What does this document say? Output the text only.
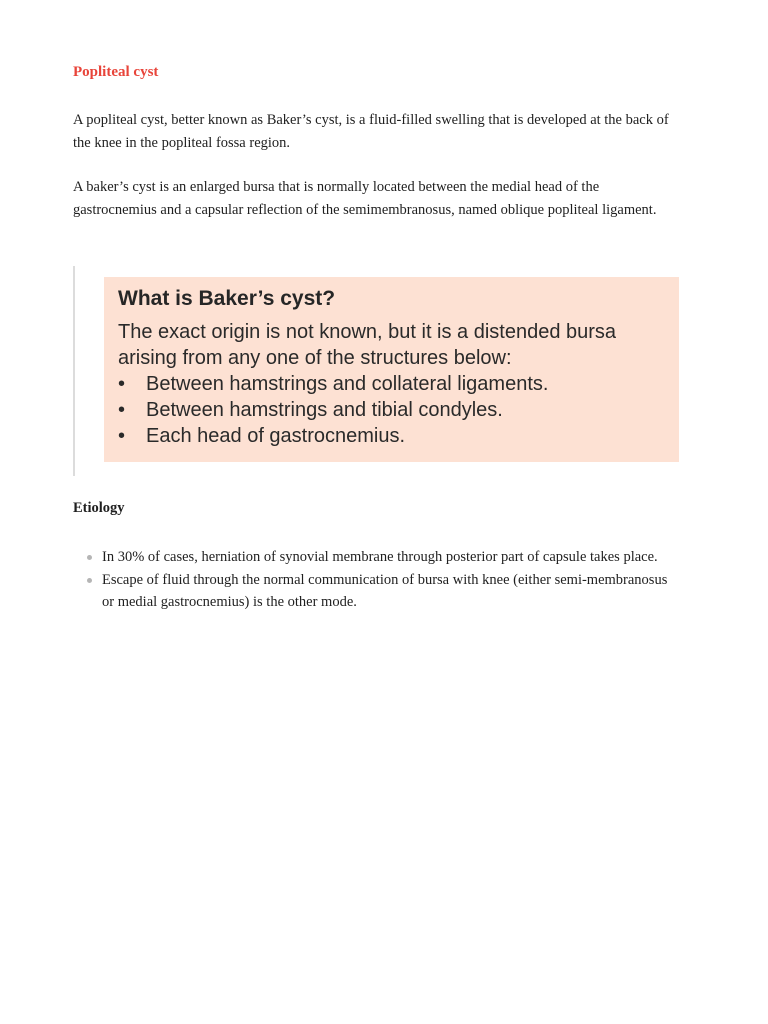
Popliteal cyst

A popliteal cyst, better known as Baker’s cyst, is a fluid-filled swelling that is developed at the back of the knee in the popliteal fossa region.

A baker’s cyst is an enlarged bursa that is normally located between the medial head of the gastrocnemius and a capsular reflection of the semimembranosus, named oblique popliteal ligament.

What is Baker’s cyst?

The exact origin is not known, but it is a distended bursa arising from any one of the structures below:

• Between hamstrings and collateral ligaments.
• Between hamstrings and tibial condyles.
• Each head of gastrocnemius.
Etiology
In 30% of cases, herniation of synovial membrane through posterior part of capsule takes place.
Escape of fluid through the normal communication of bursa with knee (either semi-membranosus or medial gastrocnemius) is the other mode.
